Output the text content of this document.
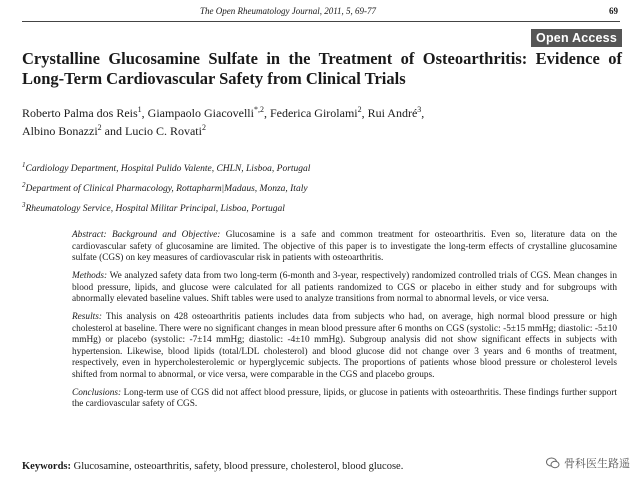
The Open Rheumatology Journal, 2011, 5, 69-77	69
Open Access
Crystalline Glucosamine Sulfate in the Treatment of Osteoarthritis: Evidence of Long-Term Cardiovascular Safety from Clinical Trials
Roberto Palma dos Reis$^1$, Giampaolo Giacovelli$^{*,2}$, Federica Girolami$^2$, Rui André$^3$,
Albino Bonazzi$^2$ and Lucio C. Rovati$^2$
$^1$Cardiology Department, Hospital Pulido Valente, CHLN, Lisboa, Portugal
$^2$Department of Clinical Pharmacology, Rottapharm|Madaus, Monza, Italy
$^3$Rheumatology Service, Hospital Militar Principal, Lisboa, Portugal

Abstract: Background and Objective: Glucosamine is a safe and common treatment for osteoarthritis. Even so, literature data on the cardiovascular safety of glucosamine are limited. The objective of this paper is to investigate the long-term effects of crystalline glucosamine sulfate (CGS) on key measures of cardiovascular risk in patients with osteoarthritis.

Methods: We analyzed safety data from two long-term (6-month and 3-year, respectively) randomized controlled trials of CGS. Mean changes in blood pressure, lipids, and glucose were calculated for all patients randomized to CGS or placebo in either study and for subgroups with abnormally elevated baseline values. Shift tables were used to analyze transitions from normal to abnormal levels, or vice versa.

Results: This analysis on 428 osteoarthritis patients includes data from subjects who had, on average, high normal blood pressure or high cholesterol at baseline. There were no significant changes in mean blood pressure after 6 months on CGS (systolic: -5±15 mmHg; diastolic: -5±10 mmHg) or placebo (systolic: -7±14 mmHg; diastolic: -4±10 mmHg). Subgroup analysis did not show significant effects in subjects with hypertension. Likewise, blood lipids (total/LDL cholesterol) and blood glucose did not change over 3 years and 6 months of treatment, respectively, even in hypercholesterolemic or hyperglycemic subjects. The proportions of patients whose blood pressure or cholesterol levels shifted from normal to abnormal, or vice versa, were comparable in the CGS and placebo groups.

Conclusions: Long-term use of CGS did not affect blood pressure, lipids, or glucose in patients with osteoarthritis. These findings further support the cardiovascular safety of CGS.

Keywords: Glucosamine, osteoarthritis, safety, blood pressure, cholesterol, blood glucose.	骨科医生路遥
